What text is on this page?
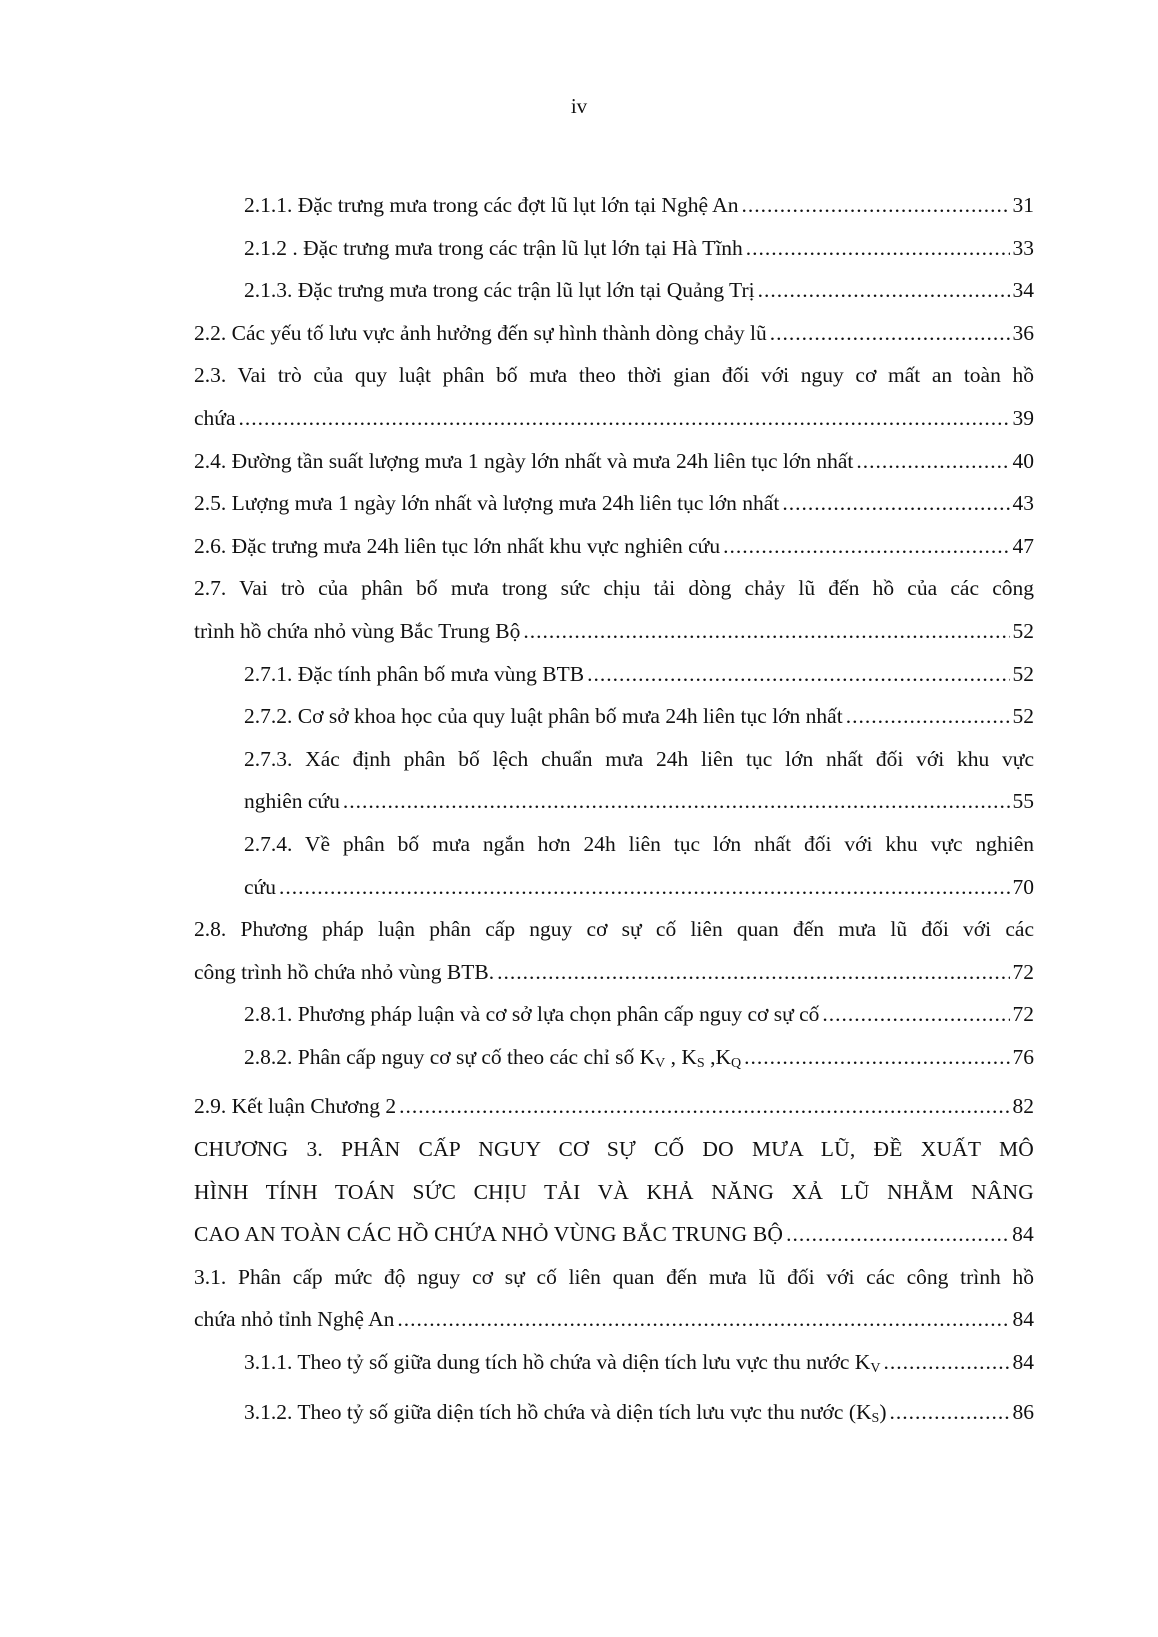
iv
2.1.1. Đặc trưng mưa trong các đợt lũ lụt lớn tại Nghệ An .....	31
2.1.2 . Đặc trưng mưa trong các trận lũ lụt lớn tại Hà Tĩnh .....	33
2.1.3. Đặc trưng mưa trong các trận lũ lụt lớn tại Quảng Trị .....	34
2.2. Các yếu tố lưu vực ảnh hưởng đến sự hình thành dòng chảy lũ .....	36
2.3. Vai trò của quy luật phân bố mưa theo thời gian đối với nguy cơ mất an toàn hồ
chứa .....	39
2.4. Đường tần suất lượng mưa 1 ngày lớn nhất và mưa 24h liên tục lớn nhất .....	40
2.5. Lượng mưa 1 ngày lớn nhất và lượng mưa 24h liên tục lớn nhất .....	43
2.6. Đặc trưng mưa 24h liên tục lớn nhất khu vực nghiên cứu .....	47
2.7. Vai trò của phân bố mưa trong sức chịu tải dòng chảy lũ đến hồ của các công
trình hồ chứa nhỏ vùng Bắc Trung Bộ .....	52
2.7.1. Đặc tính phân bố mưa vùng BTB .....	52
2.7.2. Cơ sở khoa học của quy luật phân bố mưa 24h liên tục lớn nhất .....	52
2.7.3. Xác định phân bố lệch chuẩn mưa 24h liên tục lớn nhất đối với khu vực
nghiên cứu .....	55
2.7.4. Về phân bố mưa ngắn hơn 24h liên tục lớn nhất đối với khu vực nghiên
cứu .....	70
2.8. Phương pháp luận phân cấp nguy cơ sự cố liên quan đến mưa lũ đối với các
công trình hồ chứa nhỏ vùng BTB. .....	72
2.8.1. Phương pháp luận và cơ sở lựa chọn phân cấp nguy cơ sự cố .....	72
2.8.2. Phân cấp nguy cơ sự cố theo các chỉ số $K_V$ , $K_S$ $,K_Q$ .....	76
2.9. Kết luận Chương 2 .....	82
CHƯƠNG 3. PHÂN CẤP NGUY CƠ SỰ CỐ DO MƯA LŨ, ĐỀ XUẤT MÔ
HÌNH TÍNH TOÁN SỨC CHỊU TẢI VÀ KHẢ NĂNG XẢ LŨ NHẰM NÂNG
CAO AN TOÀN CÁC HỒ CHỨA NHỎ VÙNG BẮC TRUNG BỘ .....	84
3.1. Phân cấp mức độ nguy cơ sự cố liên quan đến mưa lũ đối với các công trình hồ
chứa nhỏ tỉnh Nghệ An .....	84
3.1.1. Theo tỷ số giữa dung tích hồ chứa và diện tích lưu vực thu nước $K_V$ .....	84
3.1.2. Theo tỷ số giữa diện tích hồ chứa và diện tích lưu vực thu nước $(K_S)$ .....	86
